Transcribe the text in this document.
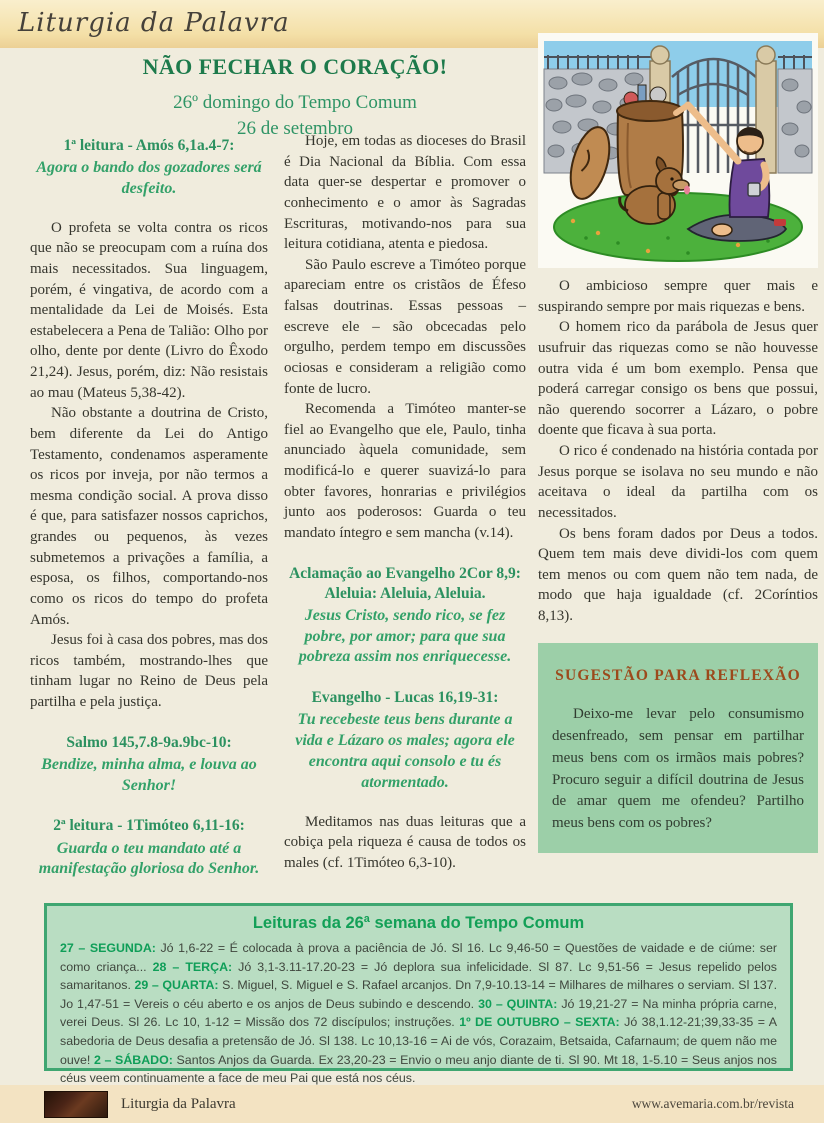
Liturgia da Palavra
NÃO FECHAR O CORAÇÃO!

26º domingo do Tempo Comum

26 de setembro

1ª leitura - Amós 6,1a.4-7:

Agora o bando dos gozadores será desfeito.

O profeta se volta contra os ricos que não se preocupam com a ruína dos mais necessitados. Sua linguagem, porém, é vingativa, de acordo com a mentalidade da Lei de Moisés. Esta estabelecera a Pena de Talião: Olho por olho, dente por dente (Livro do Êxodo 21,24). Jesus, porém, diz: Não resistais ao mau (Mateus 5,38-42).

Não obstante a doutrina de Cristo, bem diferente da Lei do Antigo Testamento, condenamos asperamente os ricos por inveja, por não termos a mesma condição social. A prova disso é que, para satisfazer nossos caprichos, grandes ou pequenos, às vezes submetemos a privações a família, a esposa, os filhos, comportando-nos como os ricos do tempo do profeta Amós.

Jesus foi à casa dos pobres, mas dos ricos também, mostrando-lhes que tinham lugar no Reino de Deus pela partilha e pela justiça.

Salmo 145,7.8-9a.9bc-10:

Bendize, minha alma, e louva ao Senhor!

2ª leitura - 1Timóteo 6,11-16:

Guarda o teu mandato até a manifestação gloriosa do Senhor.

Hoje, em todas as dioceses do Brasil é Dia Nacional da Bíblia. Com essa data quer-se despertar e promover o conhecimento e o amor às Sagradas Escrituras, motivando-nos para sua leitura cotidiana, atenta e piedosa.

São Paulo escreve a Timóteo porque apareciam entre os cristãos de Éfeso falsas doutrinas. Essas pessoas – escreve ele – são obcecadas pelo orgulho, perdem tempo em discussões ociosas e consideram a religião como fonte de lucro.

Recomenda a Timóteo manter-se fiel ao Evangelho que ele, Paulo, tinha anunciado àquela comunidade, sem modificá-lo e querer suavizá-lo para obter favores, honrarias e privilégios junto aos poderosos: Guarda o teu mandato íntegro e sem mancha (v.14).

Aclamação ao Evangelho 2Cor 8,9: Aleluia: Aleluia, Aleluia.

Jesus Cristo, sendo rico, se fez pobre, por amor; para que sua pobreza assim nos enriquecesse.

Evangelho - Lucas 16,19-31:

Tu recebeste teus bens durante a vida e Lázaro os males; agora ele encontra aqui consolo e tu és atormentado.

Meditamos nas duas leituras que a cobiça pela riqueza é causa de todos os males (cf. 1Timóteo 6,3-10).

O ambicioso sempre quer mais e suspirando sempre por mais riquezas e bens.

O homem rico da parábola de Jesus quer usufruir das riquezas como se não houvesse outra vida é um bom exemplo. Pensa que poderá carregar consigo os bens que possui, não querendo socorrer a Lázaro, o pobre doente que ficava à sua porta.

O rico é condenado na história contada por Jesus porque se isolava no seu mundo e não aceitava o ideal da partilha com os necessitados.

Os bens foram dados por Deus a todos. Quem tem mais deve dividi-los com quem tem menos ou com quem não tem nada, de modo que haja igualdade (cf. 2Coríntios 8,13).

SUGESTÃO PARA REFLEXÃO

Deixo-me levar pelo consumismo desenfreado, sem pensar em partilhar meus bens com os irmãos mais pobres? Procuro seguir a difícil doutrina de Jesus de amar quem me ofendeu? Partilho meus bens com os pobres?

Leituras da 26ª semana do Tempo Comum

27 – SEGUNDA: Jó 1,6-22 = É colocada à prova a paciência de Jó. Sl 16. Lc 9,46-50 = Questões de vaidade e de ciúme: ser como criança... 28 – TERÇA: Jó 3,1-3.11-17.20-23 = Jó deplora sua infelicidade. Sl 87. Lc 9,51-56 = Jesus repelido pelos samaritanos. 29 – QUARTA: S. Miguel, S. Miguel e S. Rafael arcanjos. Dn 7,9-10.13-14 = Milhares de milhares o serviam. Sl 137. Jo 1,47-51 = Vereis o céu aberto e os anjos de Deus subindo e descendo. 30 – QUINTA: Jó 19,21-27 = Na minha própria carne, verei Deus. Sl 26. Lc 10, 1-12 = Missão dos 72 discípulos; instruções. 1º DE OUTUBRO – SEXTA: Jó 38,1.12-21;39,33-35 = A sabedoria de Deus desafia a pretensão de Jó. Sl 138. Lc 10,13-16 = Ai de vós, Corazaim, Betsaida, Cafarnaum; de quem não me ouve! 2 – SÁBADO: Santos Anjos da Guarda. Ex 23,20-23 = Envio o meu anjo diante de ti. Sl 90. Mt 18, 1-5.10 = Seus anjos nos céus veem continuamente a face de meu Pai que está nos céus.
Liturgia da Palavra	www.avemaria.com.br/revista
